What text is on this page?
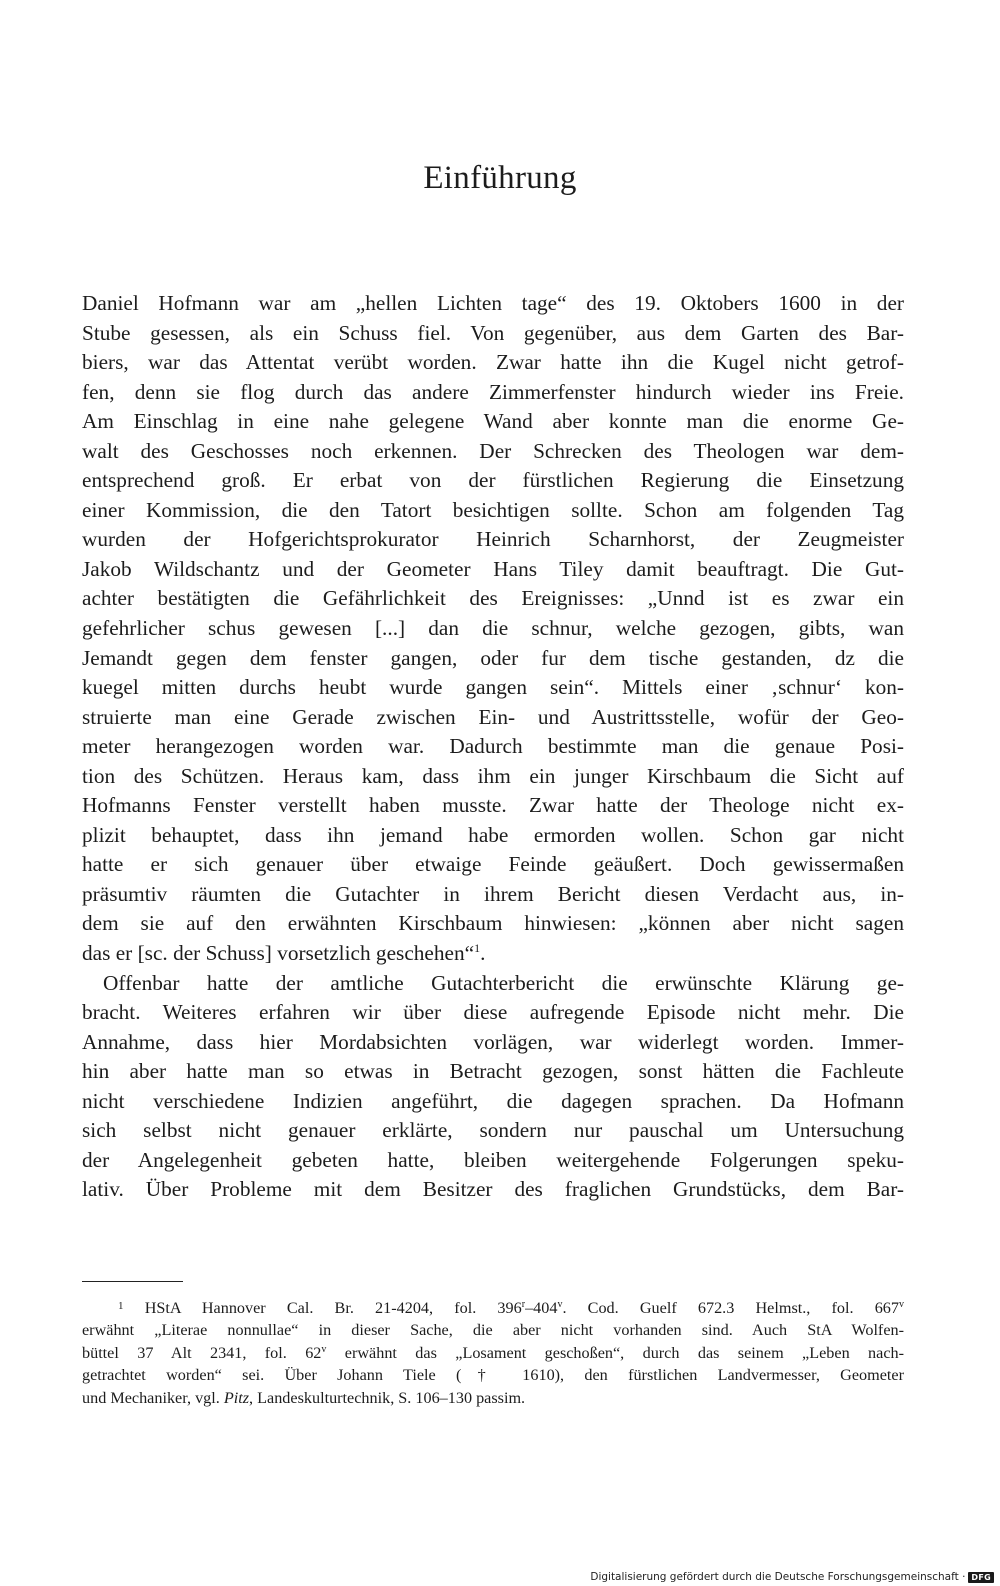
Einführung
Daniel Hofmann war am „hellen Lichten tage“ des 19. Oktobers 1600 in der
Stube gesessen, als ein Schuss fiel. Von gegenüber, aus dem Garten des Bar-
biers, war das Attentat verübt worden. Zwar hatte ihn die Kugel nicht getrof-
fen, denn sie flog durch das andere Zimmerfenster hindurch wieder ins Freie.
Am Einschlag in eine nahe gelegene Wand aber konnte man die enorme Ge-
walt des Geschosses noch erkennen. Der Schrecken des Theologen war dem-
entsprechend groß. Er erbat von der fürstlichen Regierung die Einsetzung
einer Kommission, die den Tatort besichtigen sollte. Schon am folgenden Tag
wurden der Hofgerichtsprokurator Heinrich Scharnhorst, der Zeugmeister
Jakob Wildschantz und der Geometer Hans Tiley damit beauftragt. Die Gut-
achter bestätigten die Gefährlichkeit des Ereignisses: „Unnd ist es zwar ein
gefehrlicher schus gewesen [...] dan die schnur, welche gezogen, gibts, wan
Jemandt gegen dem fenster gangen, oder fur dem tische gestanden, dz die
kuegel mitten durchs heubt wurde gangen sein“. Mittels einer ‚schnur‘ kon-
struierte man eine Gerade zwischen Ein- und Austrittsstelle, wofür der Geo-
meter herangezogen worden war. Dadurch bestimmte man die genaue Posi-
tion des Schützen. Heraus kam, dass ihm ein junger Kirschbaum die Sicht auf
Hofmanns Fenster verstellt haben musste. Zwar hatte der Theologe nicht ex-
plizit behauptet, dass ihn jemand habe ermorden wollen. Schon gar nicht
hatte er sich genauer über etwaige Feinde geäußert. Doch gewissermaßen
präsumtiv räumten die Gutachter in ihrem Bericht diesen Verdacht aus, in-
dem sie auf den erwähnten Kirschbaum hinwiesen: „können aber nicht sagen
das er [sc. der Schuss] vorsetzlich geschehen“$^1$.
Offenbar hatte der amtliche Gutachterbericht die erwünschte Klärung ge-
bracht. Weiteres erfahren wir über diese aufregende Episode nicht mehr. Die
Annahme, dass hier Mordabsichten vorlägen, war widerlegt worden. Immer-
hin aber hatte man so etwas in Betracht gezogen, sonst hätten die Fachleute
nicht verschiedene Indizien angeführt, die dagegen sprachen. Da Hofmann
sich selbst nicht genauer erklärte, sondern nur pauschal um Untersuchung
der Angelegenheit gebeten hatte, bleiben weitergehende Folgerungen speku-
lativ. Über Probleme mit dem Besitzer des fraglichen Grundstücks, dem Bar-
$^1$ HStA Hannover Cal. Br. 21-4204, fol. 396$^r$–404$^v$. Cod. Guelf 672.3 Helmst., fol. 667$^v$
erwähnt „Literae nonnullae“ in dieser Sache, die aber nicht vorhanden sind. Auch StA Wolfen-
büttel 37 Alt 2341, fol. 62$^v$ erwähnt das „Losament geschoßen“, durch das seinem „Leben nach-
getrachtet worden“ sei. Über Johann Tiele († 1610), den fürstlichen Landvermesser, Geometer
und Mechaniker, vgl. Pitz, Landeskulturtechnik, S. 106–130 passim.
Digitalisierung gefördert durch die Deutsche Forschungsgemeinschaft · DFG
